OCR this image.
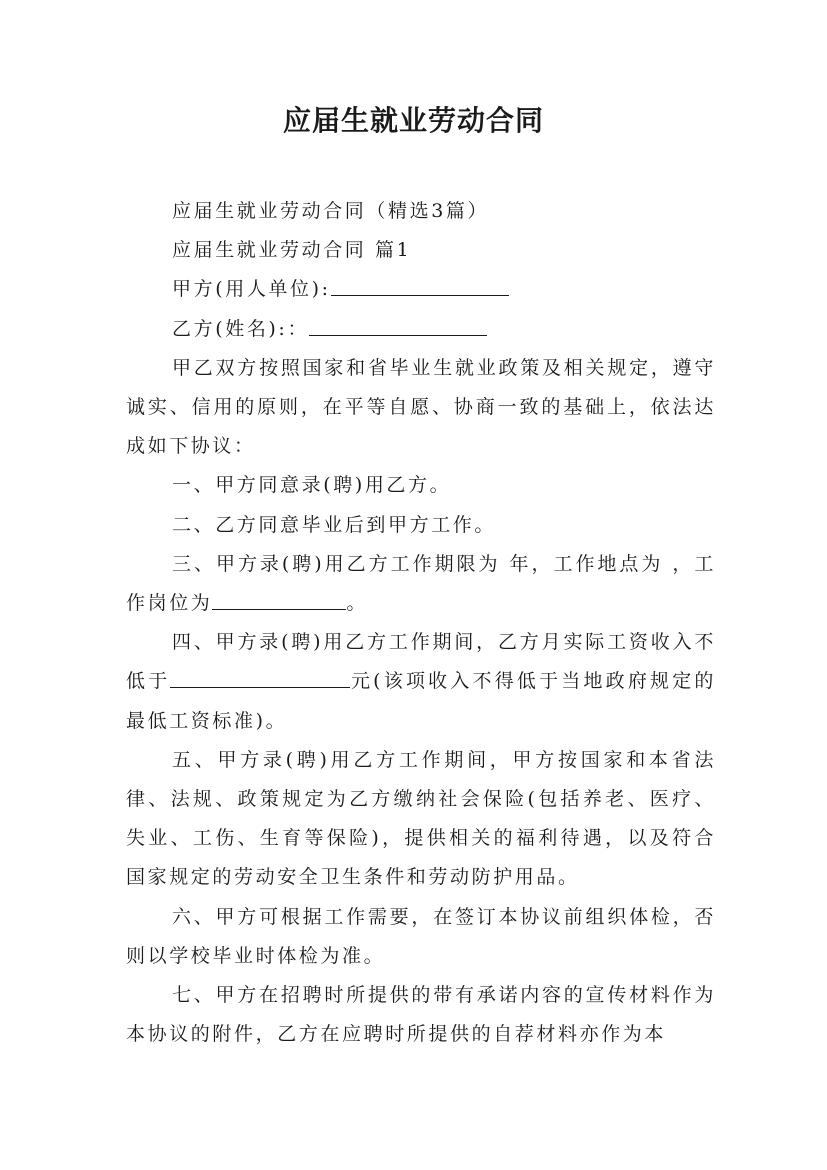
应届生就业劳动合同

应届生就业劳动合同（精选3篇）

应届生就业劳动合同 篇1

甲方(用人单位):

乙方(姓名):：

甲乙双方按照国家和省毕业生就业政策及相关规定，遵守诚实、信用的原则，在平等自愿、协商一致的基础上，依法达成如下协议：

一、甲方同意录(聘)用乙方。

二、乙方同意毕业后到甲方工作。

三、甲方录(聘)用乙方工作期限为 年，工作地点为 ，工作岗位为	。

四、甲方录(聘)用乙方工作期间，乙方月实际工资收入不低于	元(该项收入不得低于当地政府规定的最低工资标准)。

五、甲方录(聘)用乙方工作期间，甲方按国家和本省法律、法规、政策规定为乙方缴纳社会保险(包括养老、医疗、失业、工伤、生育等保险)，提供相关的福利待遇，以及符合国家规定的劳动安全卫生条件和劳动防护用品。

六、甲方可根据工作需要，在签订本协议前组织体检，否则以学校毕业时体检为准。

七、甲方在招聘时所提供的带有承诺内容的宣传材料作为本协议的附件，乙方在应聘时所提供的自荐材料亦作为本
